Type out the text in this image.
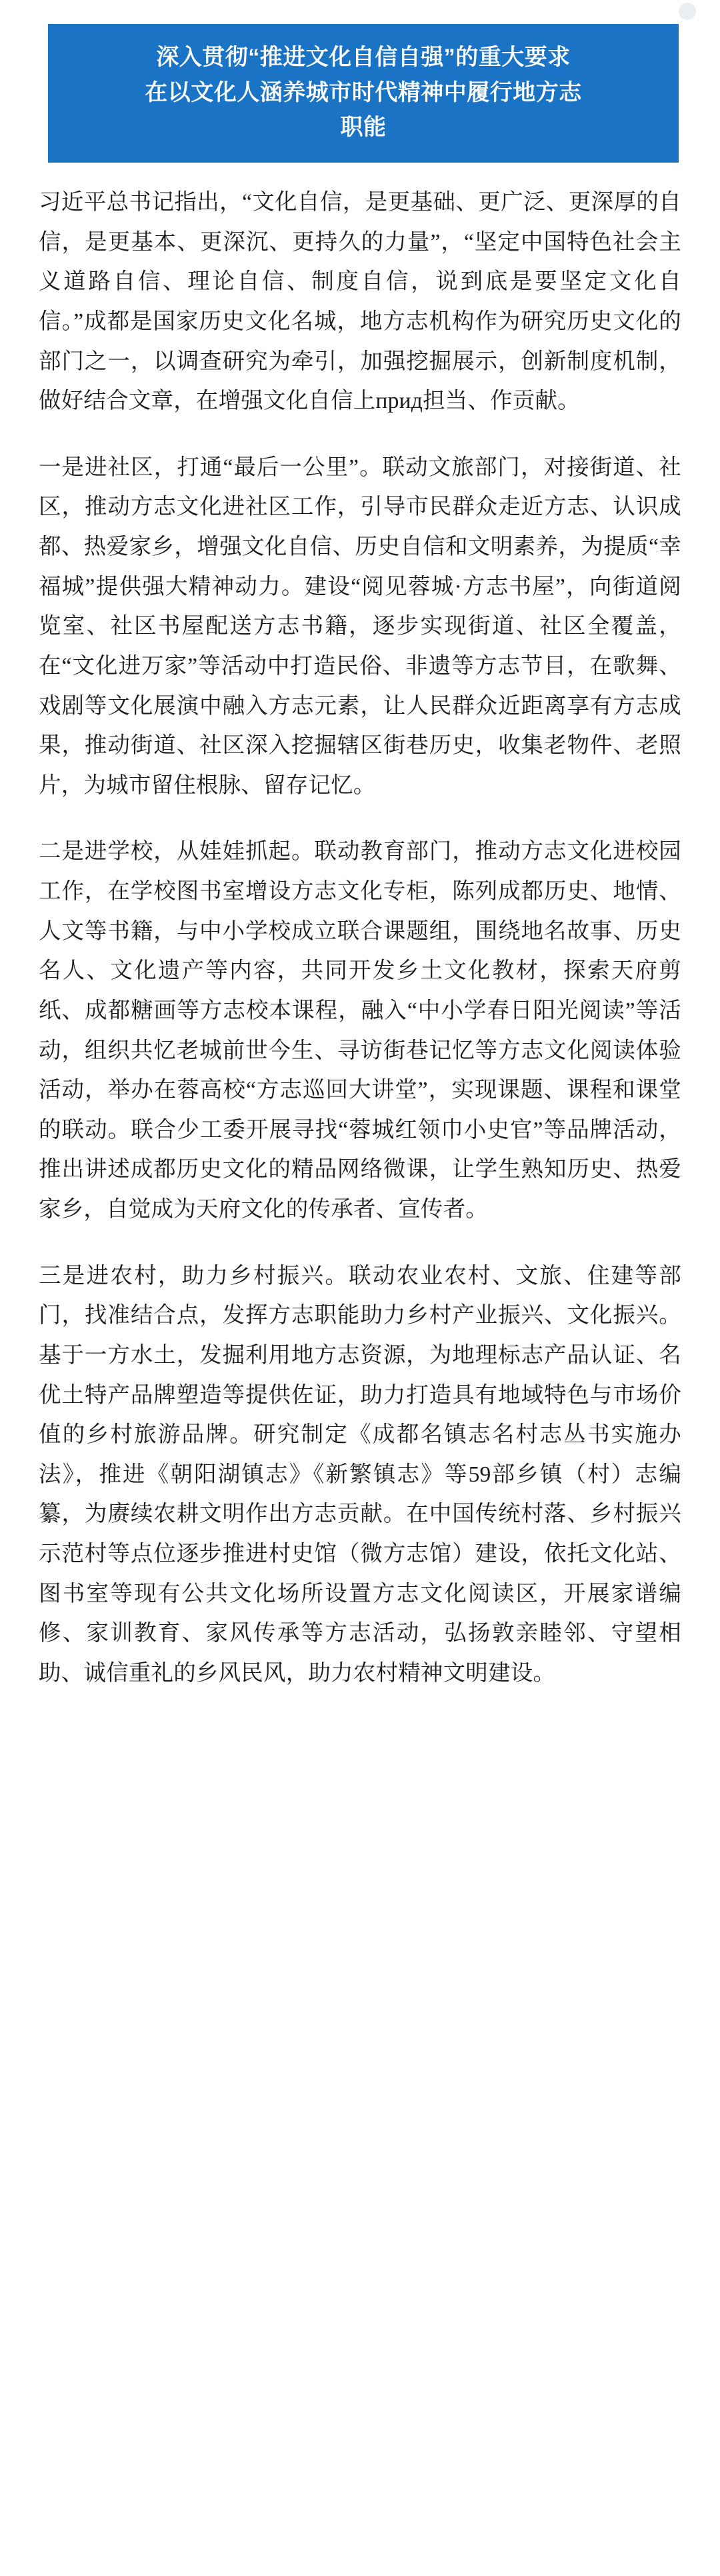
深入贯彻“推进文化自信自强”的重大要求
在以文化人涵养城市时代精神中履行地方志
职能

习近平总书记指出，“文化自信，是更基础、更广泛、更深厚的自信，是更基本、更深沉、更持久的力量”，“坚定中国特色社会主义道路自信、理论自信、制度自信，说到底是要坚定文化自信。”成都是国家历史文化名城，地方志机构作为研究历史文化的部门之一，以调查研究为牵引，加强挖掘展示，创新制度机制，做好结合文章，在增强文化自信上прид担当、作贡献。

一是进社区，打通“最后一公里”。联动文旅部门，对接街道、社区，推动方志文化进社区工作，引导市民群众走近方志、认识成都、热爱家乡，增强文化自信、历史自信和文明素养，为提质“幸福城”提供强大精神动力。建设“阅见蓉城·方志书屋”，向街道阅览室、社区书屋配送方志书籍，逐步实现街道、社区全覆盖，在“文化进万家”等活动中打造民俗、非遗等方志节目，在歌舞、戏剧等文化展演中融入方志元素，让人民群众近距离享有方志成果，推动街道、社区深入挖掘辖区街巷历史，收集老物件、老照片，为城市留住根脉、留存记忆。

二是进学校，从娃娃抓起。联动教育部门，推动方志文化进校园工作，在学校图书室增设方志文化专柜，陈列成都历史、地情、人文等书籍，与中小学校成立联合课题组，围绕地名故事、历史名人、文化遗产等内容，共同开发乡土文化教材，探索天府剪纸、成都糖画等方志校本课程，融入“中小学春日阳光阅读”等活动，组织共忆老城前世今生、寻访街巷记忆等方志文化阅读体验活动，举办在蓉高校“方志巡回大讲堂”，实现课题、课程和课堂的联动。联合少工委开展寻找“蓉城红领巾小史官”等品牌活动，推出讲述成都历史文化的精品网络微课，让学生熟知历史、热爱家乡，自觉成为天府文化的传承者、宣传者。

三是进农村，助力乡村振兴。联动农业农村、文旅、住建等部门，找准结合点，发挥方志职能助力乡村产业振兴、文化振兴。基于一方水土，发掘利用地方志资源，为地理标志产品认证、名优土特产品牌塑造等提供佐证，助力打造具有地域特色与市场价值的乡村旅游品牌。研究制定《成都名镇志名村志丛书实施办法》，推进《朝阳湖镇志》《新繁镇志》等59部乡镇（村）志编纂，为赓续农耕文明作出方志贡献。在中国传统村落、乡村振兴示范村等点位逐步推进村史馆（微方志馆）建设，依托文化站、图书室等现有公共文化场所设置方志文化阅读区，开展家谱编修、家训教育、家风传承等方志活动，弘扬敦亲睦邻、守望相助、诚信重礼的乡风民风，助力农村精神文明建设。
